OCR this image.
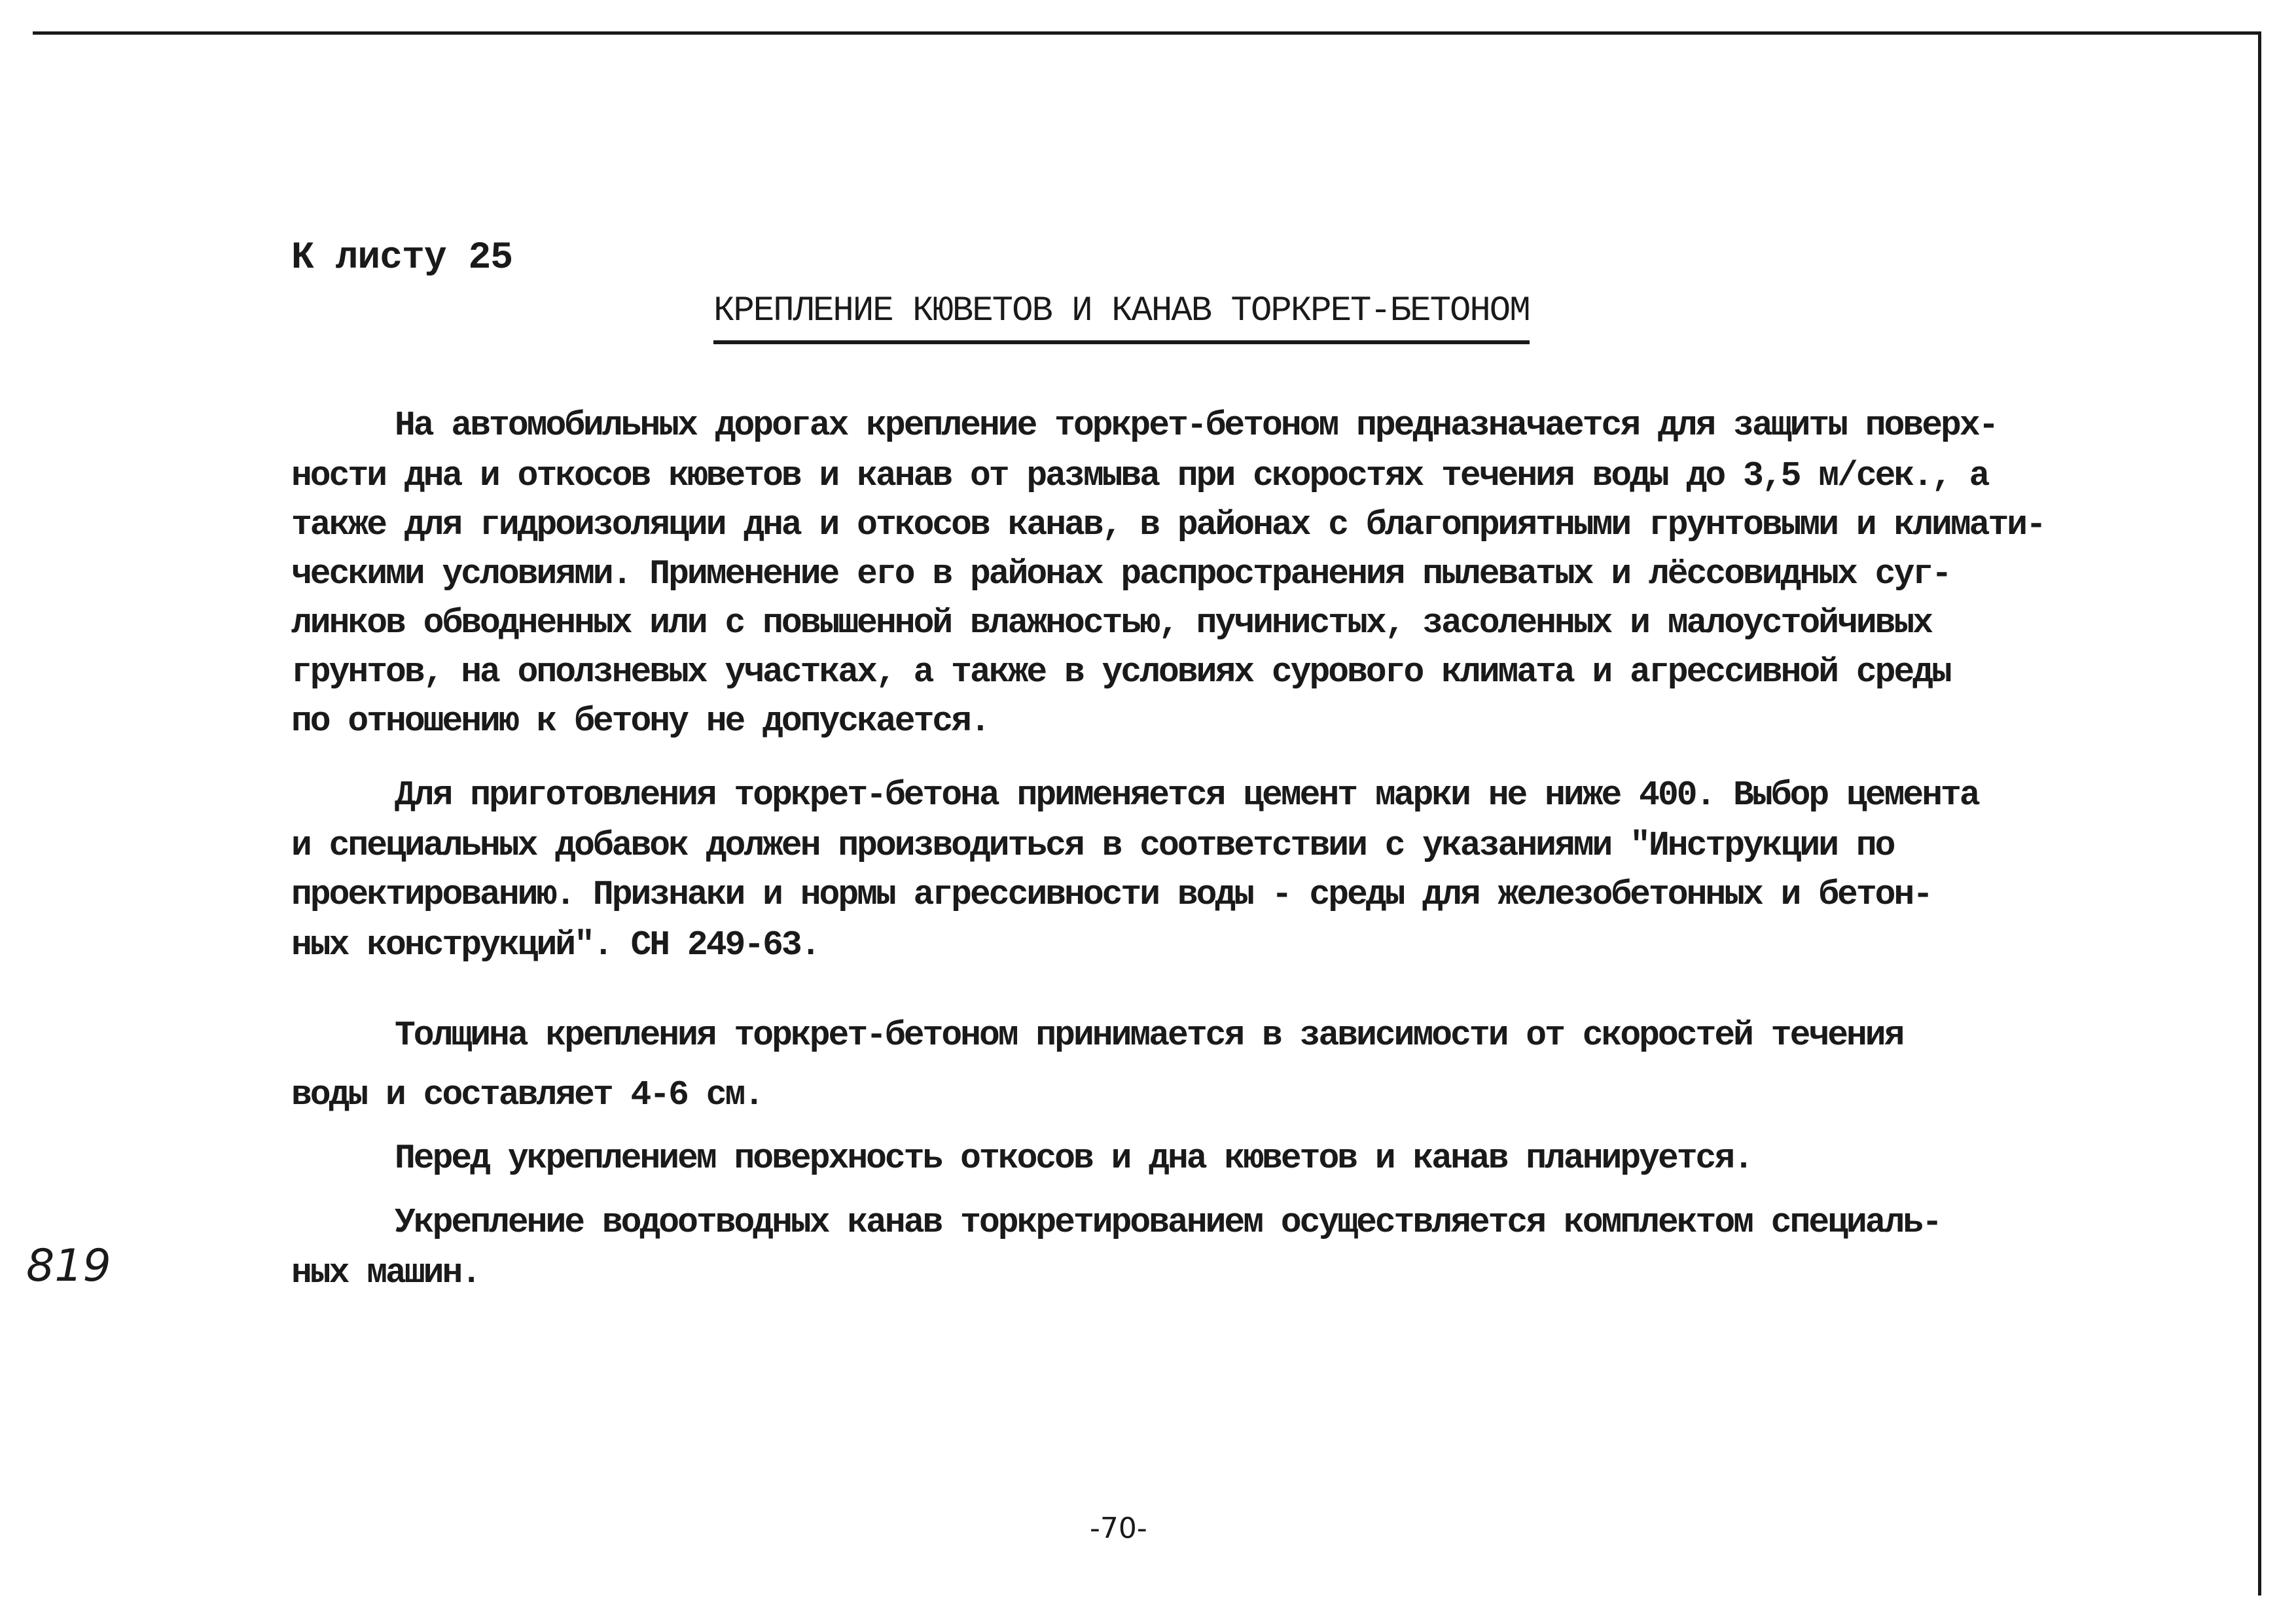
К листу 25
КРЕПЛЕНИЕ КЮВЕТОВ И КАНАВ ТОРКРЕТ-БЕТОНОМ
На автомобильных дорогах крепление торкрет-бетоном предназначается для защиты поверх-
ности дна и откосов кюветов и канав от размыва при скоростях течения воды до 3,5 м/сек., а
также для гидроизоляции дна и откосов канав, в районах с благоприятными грунтовыми и климати-
ческими условиями. Применение его в районах распространения пылеватых и лёссовидных суг-
линков обводненных или с повышенной влажностью, пучинистых, засоленных и малоустойчивых
грунтов, на оползневых участках, а также в условиях сурового климата и агрессивной среды
по отношению к бетону не допускается.
Для приготовления торкрет-бетона применяется цемент марки не ниже 400. Выбор цемента
и специальных добавок должен производиться в соответствии с указаниями "Инструкции по
проектированию. Признаки и нормы агрессивности воды - среды для железобетонных и бетон-
ных конструкций". СН 249-63.
Толщина крепления торкрет-бетоном принимается в зависимости от скоростей течения
воды и составляет 4-6 см.
Перед укреплением поверхность откосов и дна кюветов и канав планируется.
Укрепление водоотводных канав торкретированием осуществляется комплектом специаль-
ных машин.
819
-70-
